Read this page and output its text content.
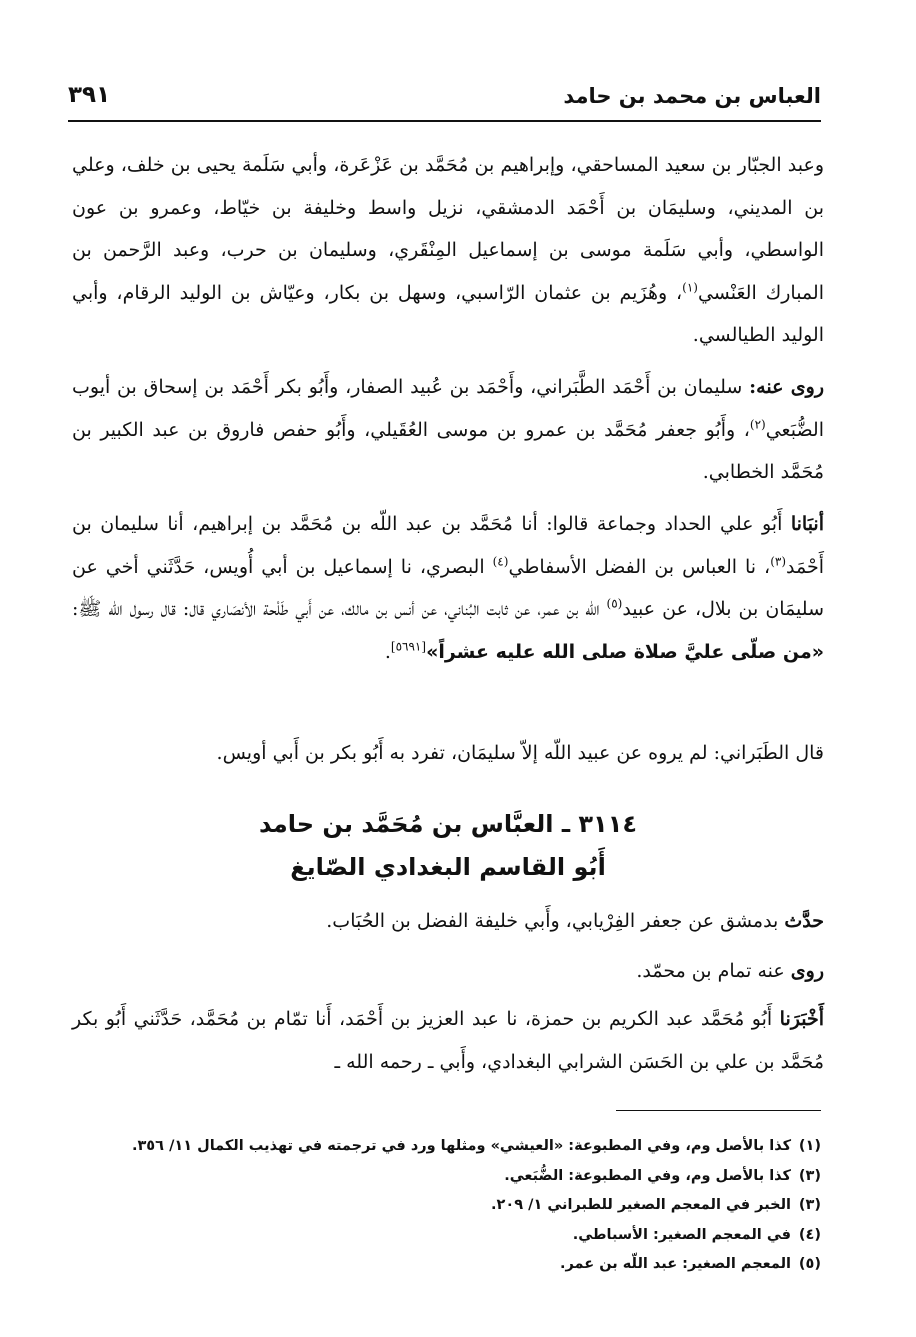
العباس بن محمد بن حامد
٣٩١

وعبد الجبّار بن سعيد المساحقي، وإبراهيم بن مُحَمَّد بن عَزْعَرة، وأبي سَلَمة يحيى بن خلف، وعلي بن المديني، وسليمَان بن أَحْمَد الدمشقي، نزيل واسط وخليفة بن خيّاط، وعمرو بن عون الواسطي، وأبي سَلَمة موسى بن إسماعيل المِنْقَري، وسليمان بن حرب، وعبد الرَّحمن بن المبارك العَنْسي$^{(١)}$، وهُزَيم بن عثمان الرّاسبي، وسهل بن بكار، وعيّاش بن الوليد الرقام، وأبي الوليد الطيالسي.

روى عنه: سليمان بن أَحْمَد الطَّبَراني، وأَحْمَد بن عُبيد الصفار، وأَبُو بكر أَحْمَد بن إسحاق بن أيوب الضُّبَعي$^{(٢)}$، وأَبُو جعفر مُحَمَّد بن عمرو بن موسى العُقَيلي، وأَبُو حفص فاروق بن عبد الكبير بن مُحَمَّد الخطابي.

أنبَانا أَبُو علي الحداد وجماعة قالوا: أنا مُحَمَّد بن عبد اللّه بن مُحَمَّد بن إبراهيم، أنا سليمان بن أَحْمَد$^{(٣)}$، نا العباس بن الفضل الأسفاطي$^{(٤)}$ البصري، نا إسماعيل بن أبي أُويس، حَدَّثَني أخي عن سليمَان بن بلال، عن عبيد$^{(٥)}$ اللّه بن عمر، عن ثابت البُناني، عن أنس بن مالك، عن أَبي طَلْحة الأنصَاري قال: قال رسول الله ﷺ: «من صلّى عليَّ صلاة صلى الله عليه عشراً»[٥٦٩١].

قال الطَبَراني: لم يروه عن عبيد اللّه إلاّ سليمَان، تفرد به أَبُو بكر بن أَبي أويس.

٣١١٤ ـ العبَّاس بن مُحَمَّد بن حامد
أَبُو القاسم البغدادي الصّايغ

حدَّث بدمشق عن جعفر الفِرْيابي، وأَبي خليفة الفضل بن الحُبَاب.

روى عنه تمام بن محمّد.

أَخْبَرَنا أَبُو مُحَمَّد عبد الكريم بن حمزة، نا عبد العزيز بن أَحْمَد، أَنا تمّام بن مُحَمَّد، حَدَّثَني أَبُو بكر مُحَمَّد بن علي بن الحَسَن الشرابي البغدادي، وأَبي ـ رحمه الله ـ

(١)كذا بالأصل وم، وفي المطبوعة: «العيشي» ومثلها ورد في ترجمته في تهذيب الكمال ١١/ ٣٥٦.
(٣)كذا بالأصل وم، وفي المطبوعة: الضُّبَعي.
(٣)الخبر في المعجم الصغير للطبراني ١/ ٢٠٩.
(٤)في المعجم الصغير: الأسباطي.
(٥)المعجم الصغير: عبد اللّه بن عمر.
